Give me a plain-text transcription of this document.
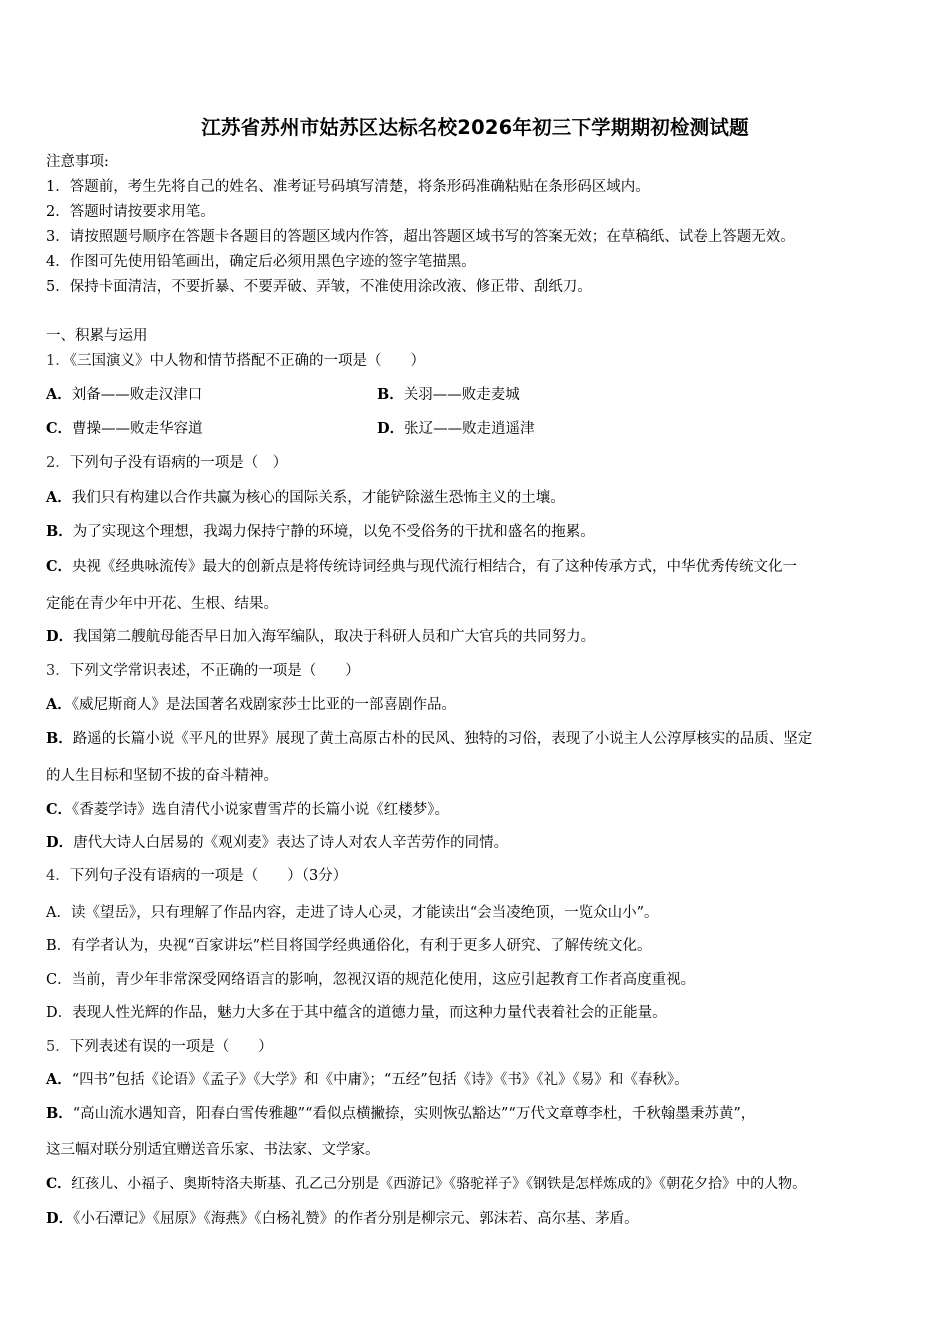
江苏省苏州市姑苏区达标名校2026年初三下学期期初检测试题
注意事项:
1．答题前，考生先将自己的姓名、准考证号码填写清楚，将条形码准确粘贴在条形码区域内。
2．答题时请按要求用笔。
3．请按照题号顺序在答题卡各题目的答题区域内作答，超出答题区域书写的答案无效；在草稿纸、试卷上答题无效。
4．作图可先使用铅笔画出，确定后必须用黑色字迹的签字笔描黑。
5．保持卡面清洁，不要折暴、不要弄破、弄皱，不准使用涂改液、修正带、刮纸刀。
一、积累与运用
1．《三国演义》中人物和情节搭配不正确的一项是（　　）
A．刘备——败走汉津口	B．关羽——败走麦城
C．曹操——败走华容道	D．张辽——败走逍遥津
2．下列句子没有语病的一项是（　）
A．我们只有构建以合作共赢为核心的国际关系，才能铲除滋生恐怖主义的土壤。
B．为了实现这个理想，我竭力保持宁静的环境，以免不受俗务的干扰和盛名的拖累。
C．央视《经典咏流传》最大的创新点是将传统诗词经典与现代流行相结合，有了这种传承方式，中华优秀传统文化一
定能在青少年中开花、生根、结果。
D．我国第二艘航母能否早日加入海军编队，取决于科研人员和广大官兵的共同努力。
3．下列文学常识表述，不正确的一项是（　　）
A．《威尼斯商人》是法国著名戏剧家莎士比亚的一部喜剧作品。
B．路遥的长篇小说《平凡的世界》展现了黄土高原古朴的民风、独特的习俗，表现了小说主人公淳厚核实的品质、坚定
的人生目标和坚韧不拔的奋斗精神。
C．《香菱学诗》选自清代小说家曹雪芹的长篇小说《红楼梦》。
D．唐代大诗人白居易的《观刈麦》表达了诗人对农人辛苦劳作的同情。
4．下列句子没有语病的一项是（　　）（3分）
A．读《望岳》，只有理解了作品内容，走进了诗人心灵，才能读出“会当凌绝顶，一览众山小”。
B．有学者认为，央视“百家讲坛”栏目将国学经典通俗化，有利于更多人研究、了解传统文化。
C．当前，青少年非常深受网络语言的影响，忽视汉语的规范化使用，这应引起教育工作者高度重视。
D．表现人性光辉的作品，魅力大多在于其中蕴含的道德力量，而这种力量代表着社会的正能量。
5．下列表述有误的一项是（　　）
A．“四书”包括《论语》《孟子》《大学》和《中庸》；“五经”包括《诗》《书》《礼》《易》和《春秋》。
B．“高山流水遇知音，阳春白雪传雅趣”“看似点横撇捺，实则恢弘豁达”“万代文章尊李杜，千秋翰墨秉苏黄”，
这三幅对联分别适宜赠送音乐家、书法家、文学家。
C．红孩儿、小福子、奥斯特洛夫斯基、孔乙己分别是《西游记》《骆驼祥子》《钢铁是怎样炼成的》《朝花夕拾》中的人物。
D．《小石潭记》《屈原》《海燕》《白杨礼赞》的作者分别是柳宗元、郭沫若、高尔基、茅盾。
